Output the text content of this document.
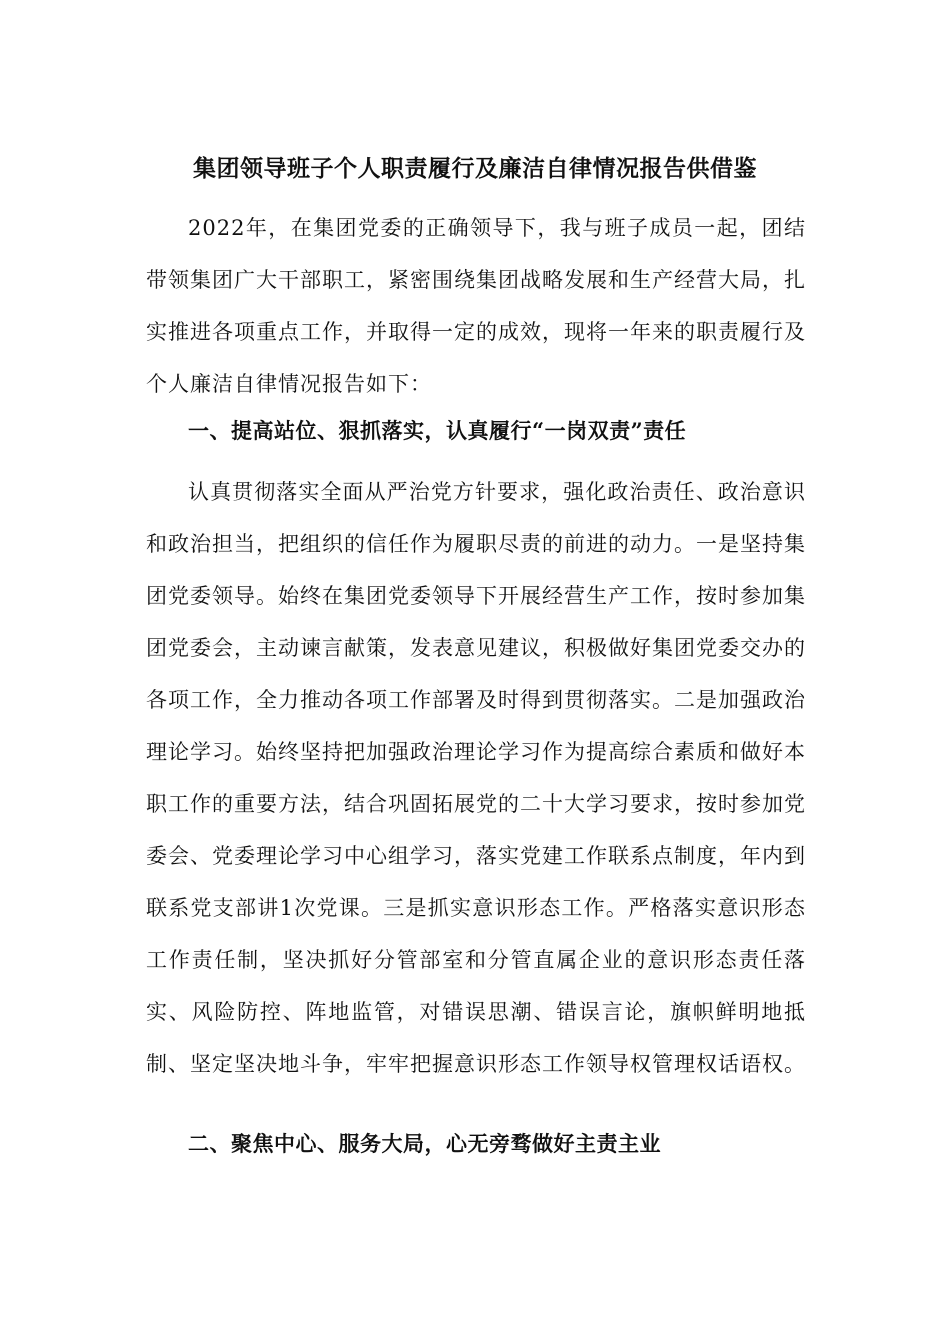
集团领导班子个人职责履行及廉洁自律情况报告供借鉴

2022年，在集团党委的正确领导下，我与班子成员一起，团结带领集团广大干部职工，紧密围绕集团战略发展和生产经营大局，扎实推进各项重点工作，并取得一定的成效，现将一年来的职责履行及个人廉洁自律情况报告如下：

一、提高站位、狠抓落实，认真履行“一岗双责”责任

认真贯彻落实全面从严治党方针要求，强化政治责任、政治意识和政治担当，把组织的信任作为履职尽责的前进的动力。一是坚持集团党委领导。始终在集团党委领导下开展经营生产工作，按时参加集团党委会，主动谏言献策，发表意见建议，积极做好集团党委交办的各项工作，全力推动各项工作部署及时得到贯彻落实。二是加强政治理论学习。始终坚持把加强政治理论学习作为提高综合素质和做好本职工作的重要方法，结合巩固拓展党的二十大学习要求，按时参加党委会、党委理论学习中心组学习，落实党建工作联系点制度，年内到联系党支部讲1次党课。三是抓实意识形态工作。严格落实意识形态工作责任制，坚决抓好分管部室和分管直属企业的意识形态责任落实、风险防控、阵地监管，对错误思潮、错误言论，旗帜鲜明地抵制、坚定坚决地斗争，牢牢把握意识形态工作领导权管理权话语权。

二、聚焦中心、服务大局，心无旁骛做好主责主业
